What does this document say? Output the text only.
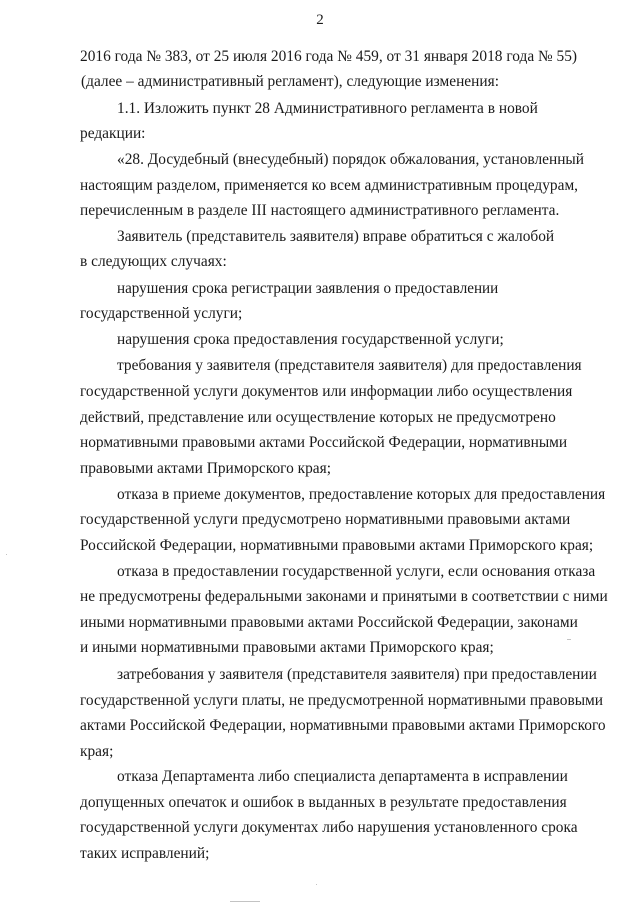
2
2016 года № 383, от 25 июля 2016 года № 459, от 31 января 2018 года № 55)
(далее – административный регламент), следующие изменения:
1.1. Изложить пункт 28 Административного регламента в новой
редакции:
«28. Досудебный (внесудебный) порядок обжалования, установленный
настоящим разделом, применяется ко всем административным процедурам,
перечисленным в разделе III настоящего административного регламента.
Заявитель (представитель заявителя) вправе обратиться с жалобой
в следующих случаях:
нарушения срока регистрации заявления о предоставлении
государственной услуги;
нарушения срока предоставления государственной услуги;
требования у заявителя (представителя заявителя) для предоставления
государственной услуги документов или информации либо осуществления
действий, представление или осуществление которых не предусмотрено
нормативными правовыми актами Российской Федерации, нормативными
правовыми актами Приморского края;
отказа в приеме документов, предоставление которых для предоставления
государственной услуги предусмотрено нормативными правовыми актами
Российской Федерации, нормативными правовыми актами Приморского края;
отказа в предоставлении государственной услуги, если основания отказа
не предусмотрены федеральными законами и принятыми в соответствии с ними
иными нормативными правовыми актами Российской Федерации, законами
и иными нормативными правовыми актами Приморского края;
затребования у заявителя (представителя заявителя) при предоставлении
государственной услуги платы, не предусмотренной нормативными правовыми
актами Российской Федерации, нормативными правовыми актами Приморского
края;
отказа Департамента либо специалиста департамента в исправлении
допущенных опечаток и ошибок в выданных в результате предоставления
государственной услуги документах либо нарушения установленного срока
таких исправлений;
